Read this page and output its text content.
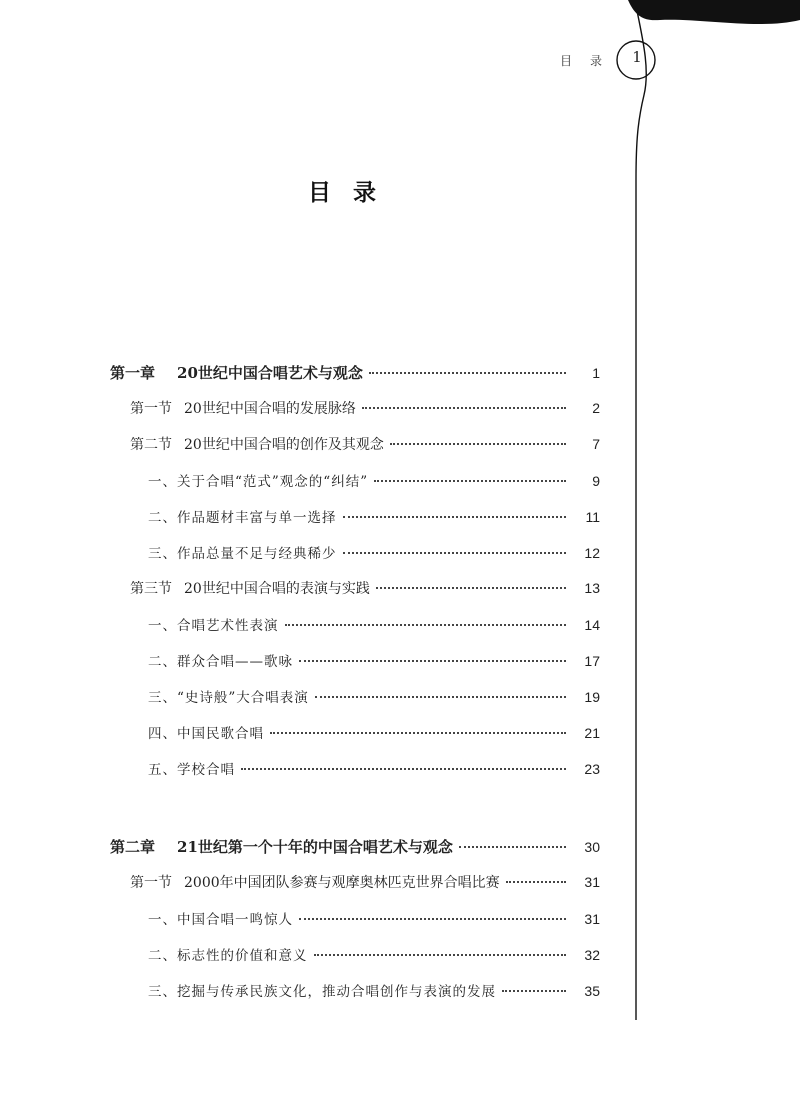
目录 1
目录
第一章 20世纪中国合唱艺术与观念	1
第一节 20世纪中国合唱的发展脉络	2
第二节 20世纪中国合唱的创作及其观念	7
一、关于合唱“范式”观念的“纠结”	9
二、作品题材丰富与单一选择	11
三、作品总量不足与经典稀少	12
第三节 20世纪中国合唱的表演与实践	13
一、合唱艺术性表演	14
二、群众合唱——歌咏	17
三、“史诗般”大合唱表演	19
四、中国民歌合唱	21
五、学校合唱	23
第二章 21世纪第一个十年的中国合唱艺术与观念	30
第一节 2000年中国团队参赛与观摩奥林匹克世界合唱比赛	31
一、中国合唱一鸣惊人	31
二、标志性的价值和意义	32
三、挖掘与传承民族文化，推动合唱创作与表演的发展	35
